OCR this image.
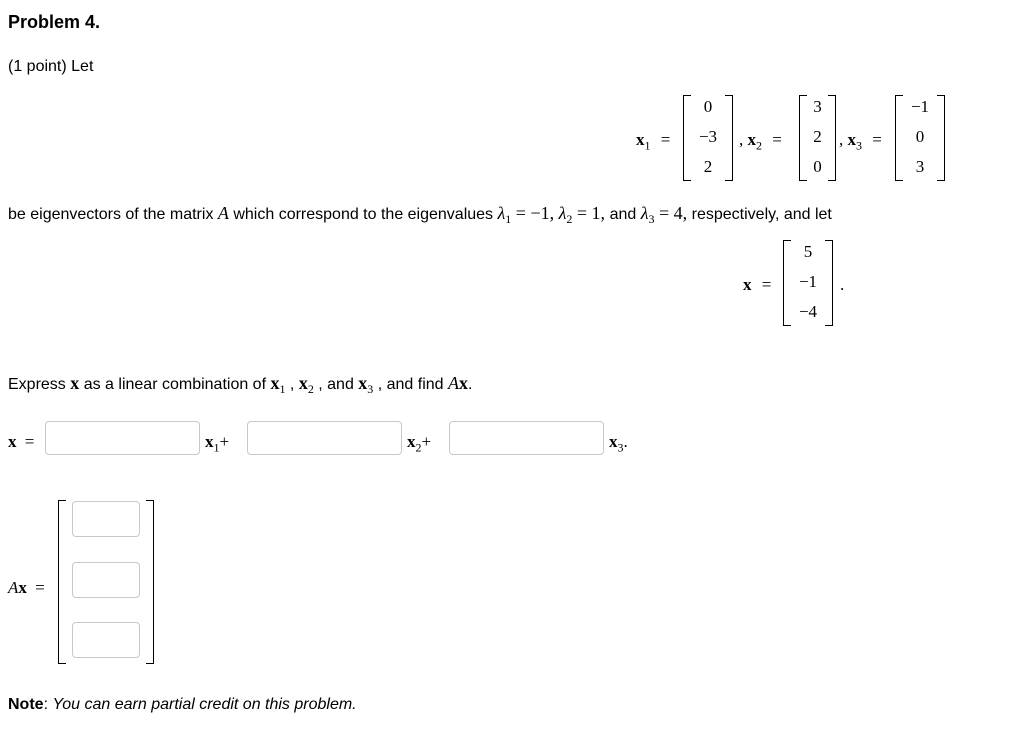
Problem 4.
(1 point) Let
$x_1$ =
0
−3
2
, $x_2$ =
3
2
0
, $x_3$ =
−1
0
3
be eigenvectors of the matrix A which correspond to the eigenvalues $\lambda_1 = -1$, $\lambda_2 = 1$, and $\lambda_3 = 4$, respectively, and let
x =
5
−1
−4
.
Express x as a linear combination of $x_1$ , $x_2$ , and $x_3$ , and find Ax.
x =	$x_1+$	$x_2+$	$x_3$.
Ax =
Note: You can earn partial credit on this problem.
